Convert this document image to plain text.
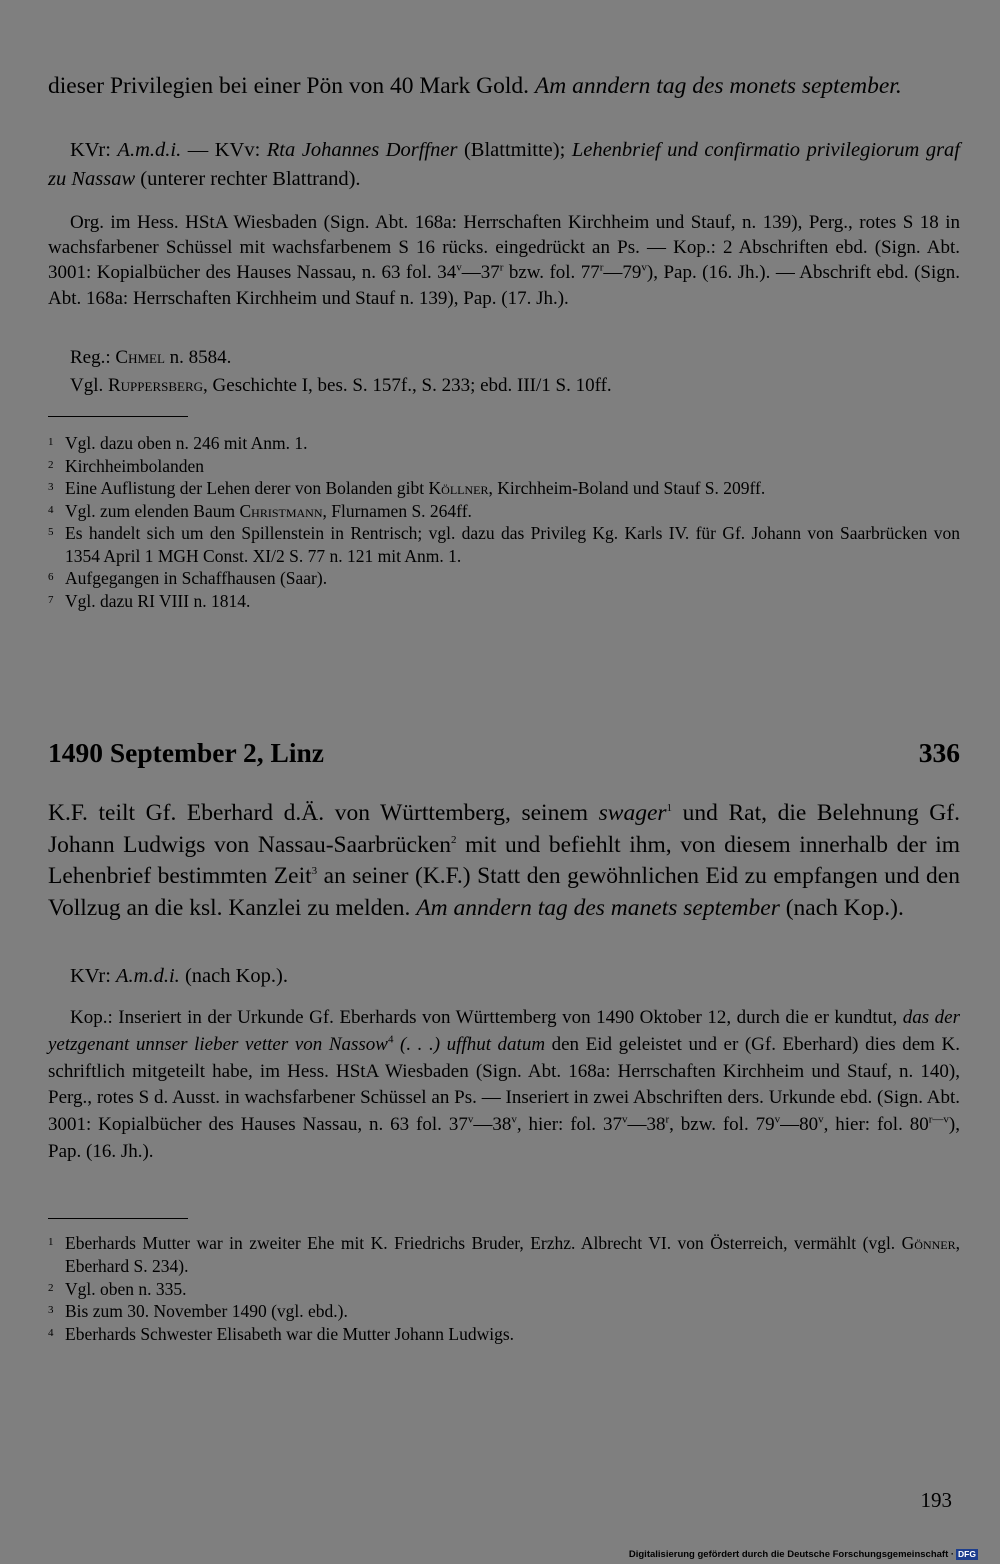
dieser Privilegien bei einer Pön von 40 Mark Gold. Am anndern tag des monets september.

KVr: A.m.d.i. — KVv: Rta Johannes Dorffner (Blattmitte); Lehenbrief und confirmatio privilegiorum graf zu Nassaw (unterer rechter Blattrand).

Org. im Hess. HStA Wiesbaden (Sign. Abt. 168a: Herrschaften Kirchheim und Stauf, n. 139), Perg., rotes S 18 in wachsfarbener Schüssel mit wachsfarbenem S 16 rücks. eingedrückt an Ps. — Kop.: 2 Abschriften ebd. (Sign. Abt. 3001: Kopialbücher des Hauses Nassau, n. 63 fol. 34$^v$—37$^r$ bzw. fol. 77$^r$—79$^v$), Pap. (16. Jh.). — Abschrift ebd. (Sign. Abt. 168a: Herrschaften Kirchheim und Stauf n. 139), Pap. (17. Jh.).

Reg.: Chmel n. 8584.

Vgl. Ruppersberg, Geschichte I, bes. S. 157f., S. 233; ebd. III/1 S. 10ff.

1 Vgl. dazu oben n. 246 mit Anm. 1.
2 Kirchheimbolanden
3 Eine Auflistung der Lehen derer von Bolanden gibt Köllner, Kirchheim-Boland und Stauf S. 209ff.
4 Vgl. zum elenden Baum Christmann, Flurnamen S. 264ff.
5 Es handelt sich um den Spillenstein in Rentrisch; vgl. dazu das Privileg Kg. Karls IV. für Gf. Johann von Saarbrücken von 1354 April 1 MGH Const. XI/2 S. 77 n. 121 mit Anm. 1.
6 Aufgegangen in Schaffhausen (Saar).
7 Vgl. dazu RI VIII n. 1814.
1490 September 2, Linz	336

K.F. teilt Gf. Eberhard d.Ä. von Württemberg, seinem swager$^1$ und Rat, die Belehnung Gf. Johann Ludwigs von Nassau-Saarbrücken$^2$ mit und befiehlt ihm, von diesem innerhalb der im Lehenbrief bestimmten Zeit$^3$ an seiner (K.F.) Statt den gewöhnlichen Eid zu empfangen und den Vollzug an die ksl. Kanzlei zu melden. Am anndern tag des manets september (nach Kop.).

KVr: A.m.d.i. (nach Kop.).

Kop.: Inseriert in der Urkunde Gf. Eberhards von Württemberg von 1490 Oktober 12, durch die er kundtut, das der yetzgenant unnser lieber vetter von Nassow$^4$ (. . .) uffhut datum den Eid geleistet und er (Gf. Eberhard) dies dem K. schriftlich mitgeteilt habe, im Hess. HStA Wiesbaden (Sign. Abt. 168a: Herrschaften Kirchheim und Stauf, n. 140), Perg., rotes S d. Ausst. in wachsfarbener Schüssel an Ps. — Inseriert in zwei Abschriften ders. Urkunde ebd. (Sign. Abt. 3001: Kopialbücher des Hauses Nassau, n. 63 fol. 37$^v$—38$^v$, hier: fol. 37$^v$—38$^r$, bzw. fol. 79$^v$—80$^v$, hier: fol. $80^{r—v}$), Pap. (16. Jh.).

1 Eberhards Mutter war in zweiter Ehe mit K. Friedrichs Bruder, Erzhz. Albrecht VI. von Österreich, vermählt (vgl. Gönner, Eberhard S. 234).
2 Vgl. oben n. 335.
3 Bis zum 30. November 1490 (vgl. ebd.).
4 Eberhards Schwester Elisabeth war die Mutter Johann Ludwigs.
193
Digitalisierung gefördert durch die Deutsche Forschungsgemeinschaft · DFG
